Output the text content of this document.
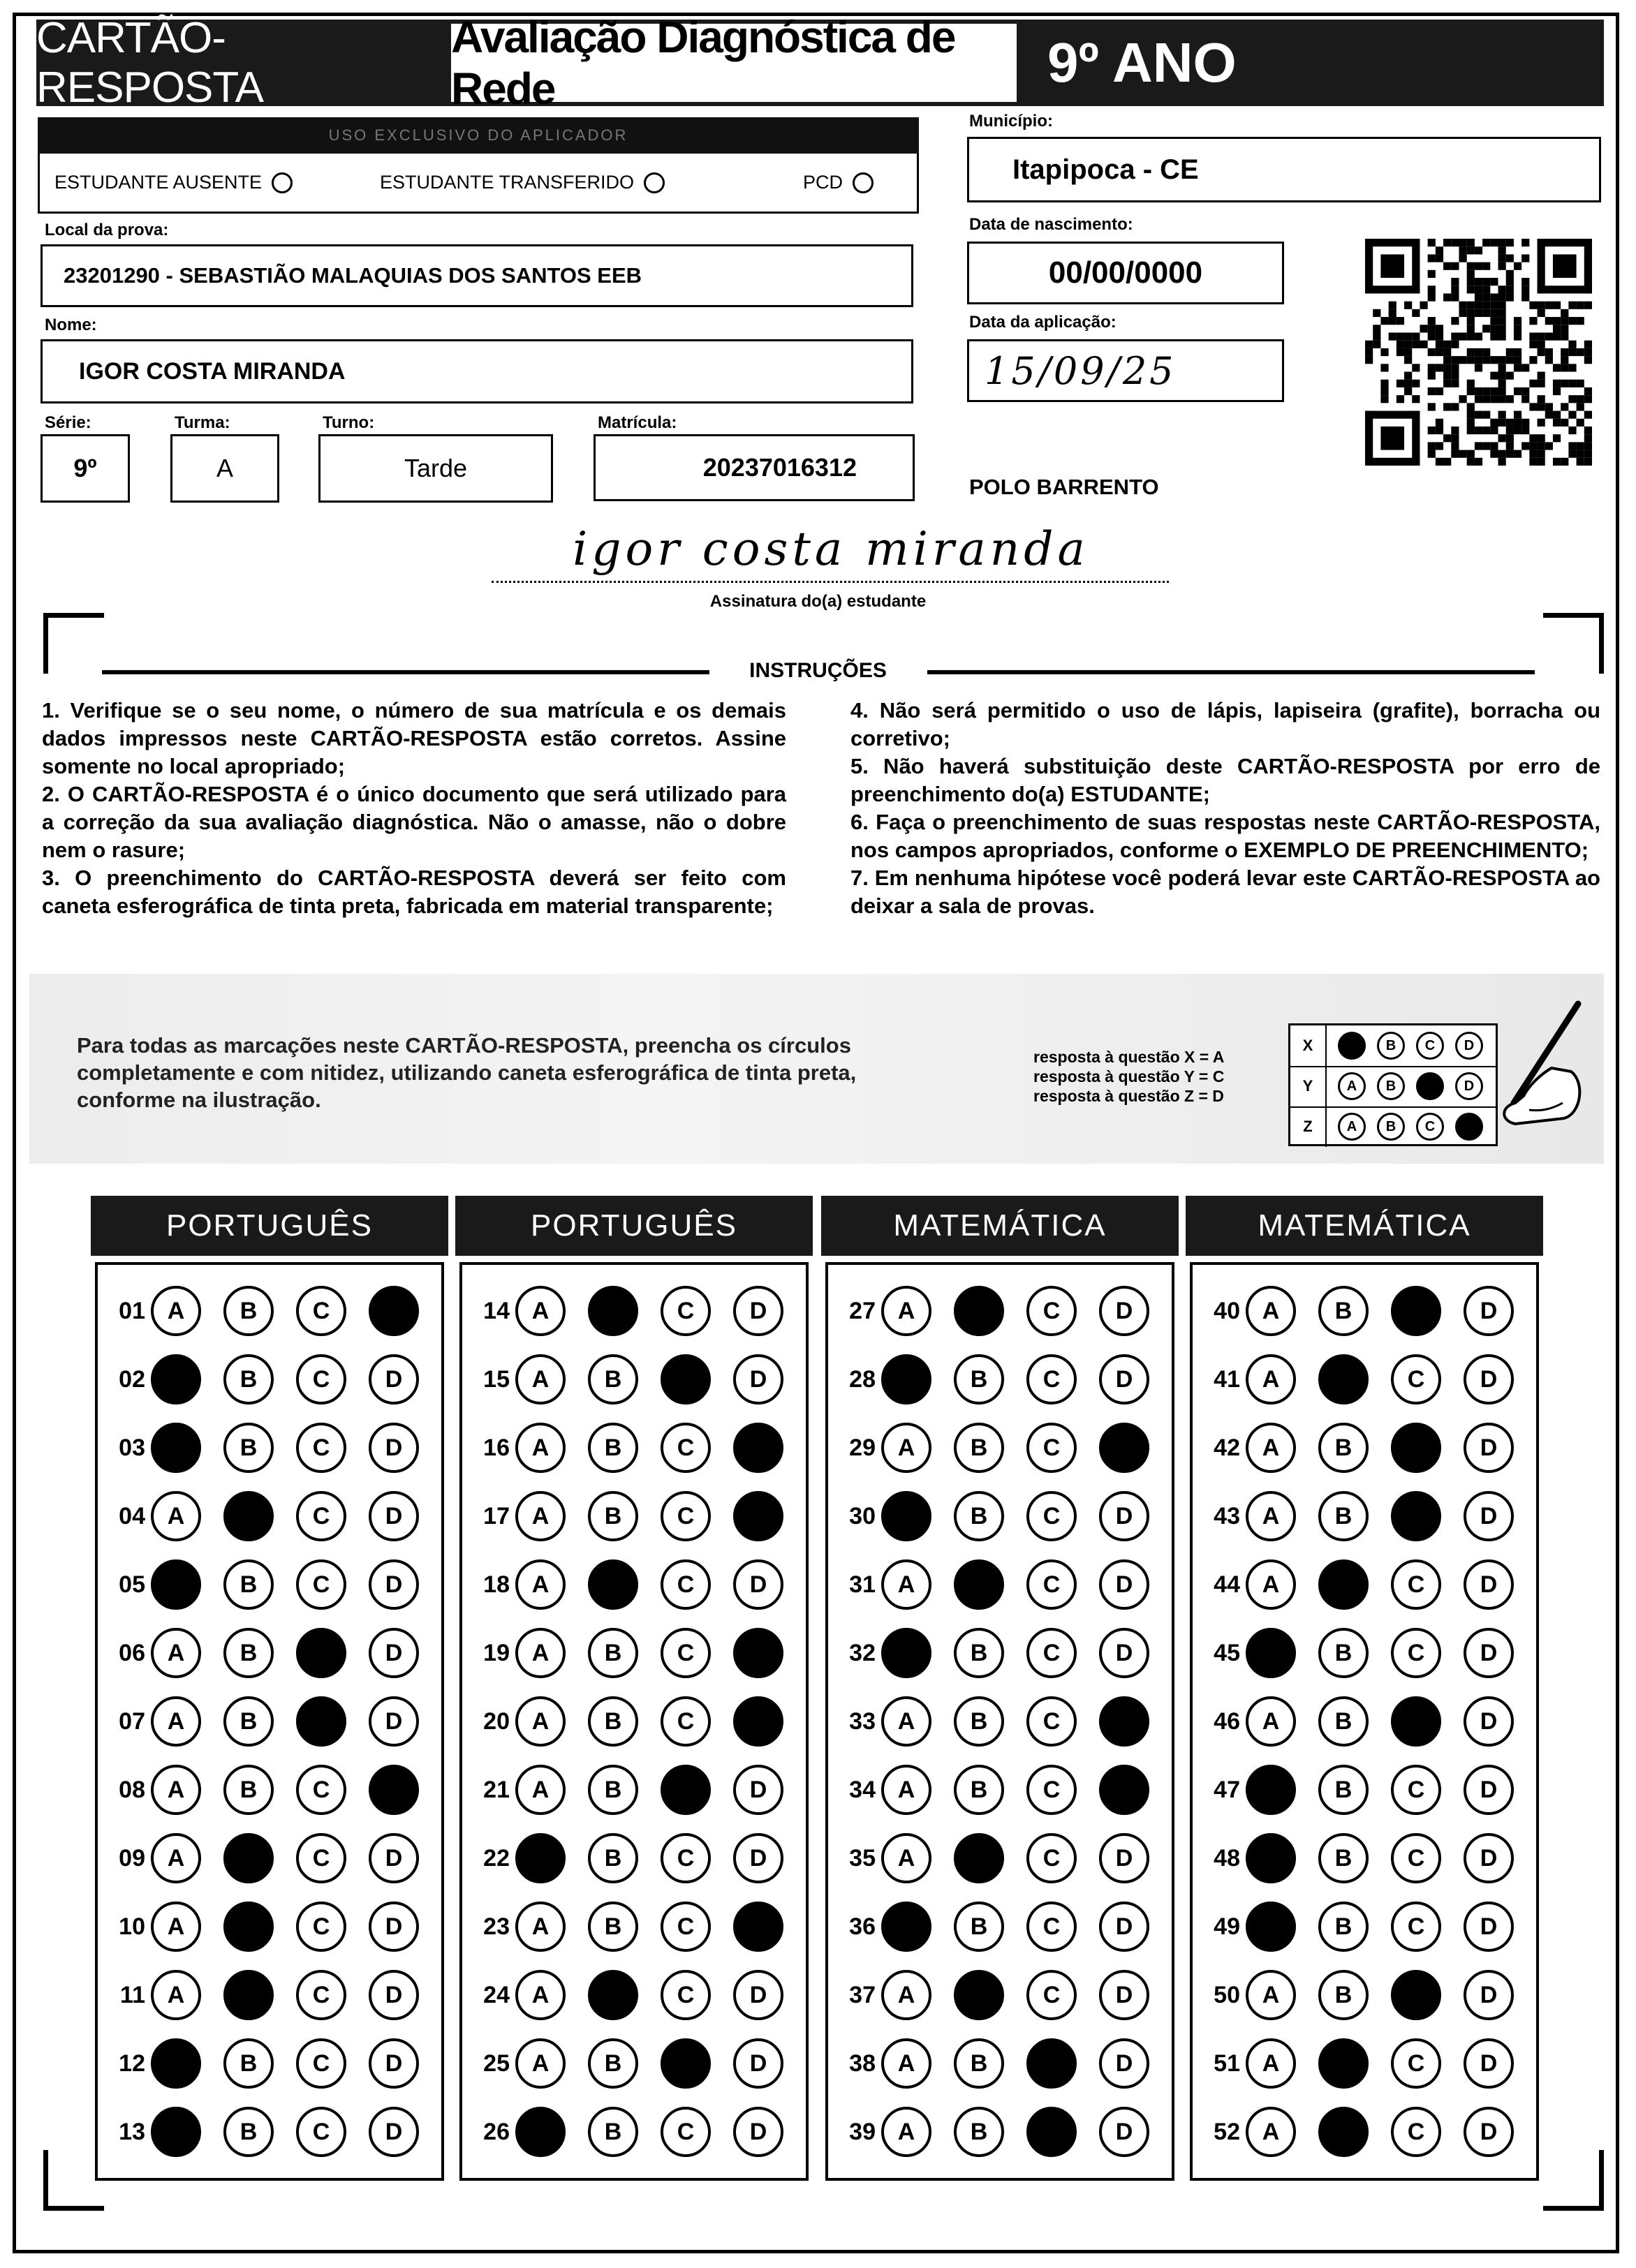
CARTÃO-RESPOSTA
Avaliação Diagnóstica de Rede	9º ANO
USO EXCLUSIVO DO APLICADOR
ESTUDANTE AUSENTE	ESTUDANTE TRANSFERIDO	PCD
Município:
Itapipoca - CE
Local da prova:
23201290 - SEBASTIÃO MALAQUIAS DOS SANTOS EEB
Data de nascimento:
00/00/0000
Data da aplicação:
15/09/25
Nome:
IGOR COSTA MIRANDA
Série:
9º
Turma:
A
Turno:
Tarde
Matrícula:
20237016312
POLO BARRENTO
igor costa miranda
Assinatura do(a) estudante
INSTRUÇÕES

1. Verifique se o seu nome, o número de sua matrícula e os demais dados impressos neste CARTÃO-RESPOSTA estão corretos. Assine somente no local apropriado;

2. O CARTÃO-RESPOSTA é o único documento que será utilizado para a correção da sua avaliação diagnóstica. Não o amasse, não o dobre nem o rasure;

3. O preenchimento do CARTÃO-RESPOSTA deverá ser feito com caneta esferográfica de tinta preta, fabricada em material transparente;

4. Não será permitido o uso de lápis, lapiseira (grafite), borracha ou corretivo;

5. Não haverá substituição deste CARTÃO-RESPOSTA por erro de preenchimento do(a) ESTUDANTE;

6. Faça o preenchimento de suas respostas neste CARTÃO-RESPOSTA, nos campos apropriados, conforme o EXEMPLO DE PREENCHIMENTO;

7. Em nenhuma hipótese você poderá levar este CARTÃO-RESPOSTA ao deixar a sala de provas.

Para todas as marcações neste CARTÃO-RESPOSTA, preencha os círculos completamente e com nitidez, utilizando caneta esferográfica de tinta preta, conforme na ilustração.
resposta à questão X = A
resposta à questão Y = C
resposta à questão Z = D
X	A	B	C	D
Y	A	B	C	D
Z	A	B	C	D
PORTUGUÊS
01 A	B	C	D
02 A	B	C	D
03 A	B	C	D
04 A	B	C	D
05 A	B	C	D
06 A	B	C	D
07 A	B	C	D
08 A	B	C	D
09 A	B	C	D
10 A	B	C	D
11 A	B	C	D
12 A	B	C	D
13 A	B	C	D
PORTUGUÊS
14 A	B	C	D
15 A	B	C	D
16 A	B	C	D
17 A	B	C	D
18 A	B	C	D
19 A	B	C	D
20 A	B	C	D
21 A	B	C	D
22 A	B	C	D
23 A	B	C	D
24 A	B	C	D
25 A	B	C	D
26 A	B	C	D
MATEMÁTICA
27 A	B	C	D
28 A	B	C	D
29 A	B	C	D
30 A	B	C	D
31 A	B	C	D
32 A	B	C	D
33 A	B	C	D
34 A	B	C	D
35 A	B	C	D
36 A	B	C	D
37 A	B	C	D
38 A	B	C	D
39 A	B	C	D
MATEMÁTICA
40 A	B	C	D
41 A	B	C	D
42 A	B	C	D
43 A	B	C	D
44 A	B	C	D
45 A	B	C	D
46 A	B	C	D
47 A	B	C	D
48 A	B	C	D
49 A	B	C	D
50 A	B	C	D
51 A	B	C	D
52 A	B	C	D
